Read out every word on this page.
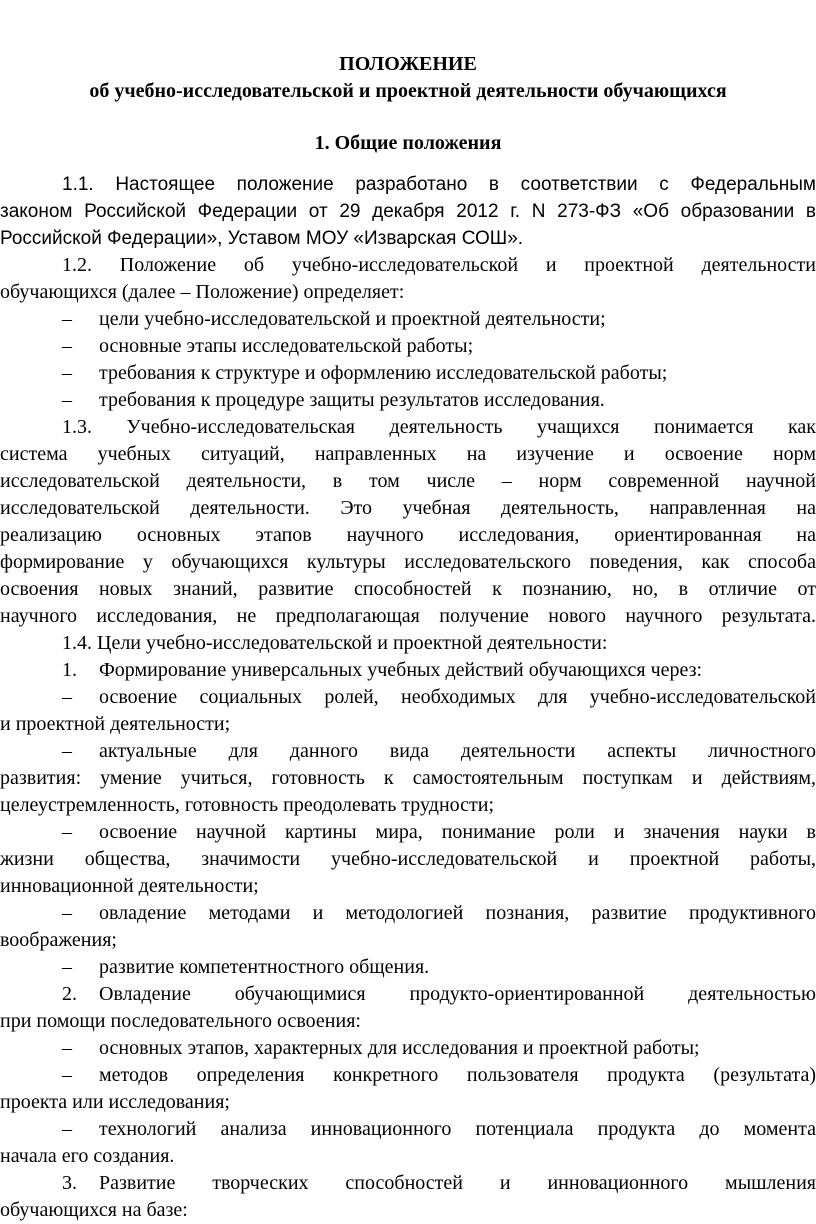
ПОЛОЖЕНИЕ
об учебно-исследовательской и проектной деятельности обучающихся
1. Общие положения
1.1. Настоящее положение разработано в соответствии с Федеральным
законом Российской Федерации от 29 декабря 2012 г. N 273-ФЗ «Об образовании в
Российской Федерации», Уставом МОУ «Изварская СОШ».
1.2. Положение об учебно-исследовательской и проектной деятельности
обучающихся (далее – Положение) определяет:
– цели учебно-исследовательской и проектной деятельности;
– основные этапы исследовательской работы;
– требования к структуре и оформлению исследовательской работы;
– требования к процедуре защиты результатов исследования.
1.3. Учебно-исследовательская деятельность учащихся понимается как
система учебных ситуаций, направленных на изучение и освоение норм
исследовательской деятельности, в том числе – норм современной научной
исследовательской деятельности. Это учебная деятельность, направленная на
реализацию основных этапов научного исследования, ориентированная на
формирование у обучающихся культуры исследовательского поведения, как способа
освоения новых знаний, развитие способностей к познанию, но, в отличие от
научного исследования, не предполагающая получение нового научного результата.
1.4. Цели учебно-исследовательской и проектной деятельности:
1. Формирование универсальных учебных действий обучающихся через:
– освоение социальных ролей, необходимых для учебно-исследовательской
и проектной деятельности;
– актуальные для данного вида деятельности аспекты личностного
развития: умение учиться, готовность к самостоятельным поступкам и действиям,
целеустремленность, готовность преодолевать трудности;
– освоение научной картины мира, понимание роли и значения науки в
жизни общества, значимости учебно-исследовательской и проектной работы,
инновационной деятельности;
– овладение методами и методологией познания, развитие продуктивного
воображения;
– развитие компетентностного общения.
2. Овладение обучающимися продукто-ориентированной деятельностью
при помощи последовательного освоения:
– основных этапов, характерных для исследования и проектной работы;
– методов определения конкретного пользователя продукта (результата)
проекта или исследования;
– технологий анализа инновационного потенциала продукта до момента
начала его создания.
3. Развитие творческих способностей и инновационного мышления
обучающихся на базе:
